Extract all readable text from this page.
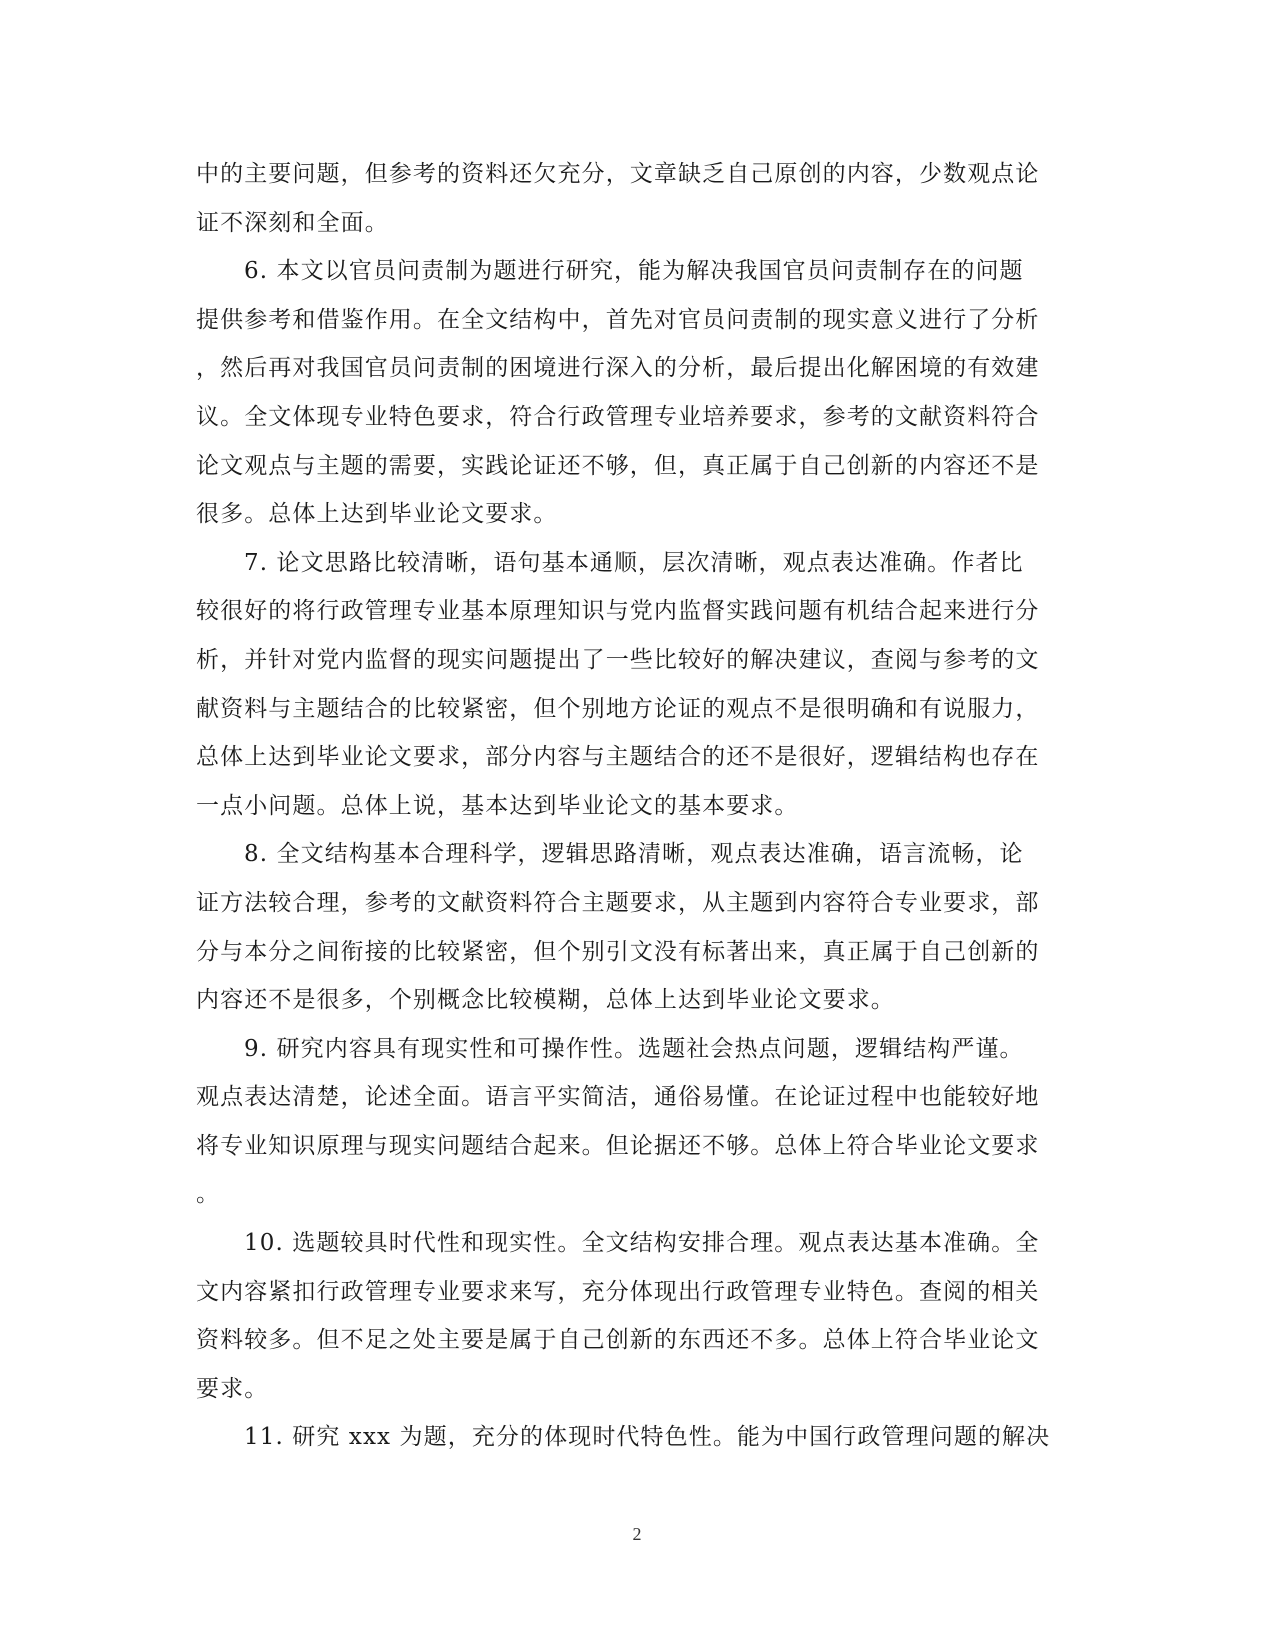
中的主要问题，但参考的资料还欠充分，文章缺乏自己原创的内容，少数观点论
证不深刻和全面。
6. 本文以官员问责制为题进行研究，能为解决我国官员问责制存在的问题
提供参考和借鉴作用。在全文结构中，首先对官员问责制的现实意义进行了分析
，然后再对我国官员问责制的困境进行深入的分析，最后提出化解困境的有效建
议。全文体现专业特色要求，符合行政管理专业培养要求，参考的文献资料符合
论文观点与主题的需要，实践论证还不够，但，真正属于自己创新的内容还不是
很多。总体上达到毕业论文要求。
7. 论文思路比较清晰，语句基本通顺，层次清晰，观点表达准确。作者比
较很好的将行政管理专业基本原理知识与党内监督实践问题有机结合起来进行分
析，并针对党内监督的现实问题提出了一些比较好的解决建议，查阅与参考的文
献资料与主题结合的比较紧密，但个别地方论证的观点不是很明确和有说服力，
总体上达到毕业论文要求，部分内容与主题结合的还不是很好，逻辑结构也存在
一点小问题。总体上说，基本达到毕业论文的基本要求。
8. 全文结构基本合理科学，逻辑思路清晰，观点表达准确，语言流畅，论
证方法较合理，参考的文献资料符合主题要求，从主题到内容符合专业要求，部
分与本分之间衔接的比较紧密，但个别引文没有标著出来，真正属于自己创新的
内容还不是很多，个别概念比较模糊，总体上达到毕业论文要求。
9. 研究内容具有现实性和可操作性。选题社会热点问题，逻辑结构严谨。
观点表达清楚，论述全面。语言平实简洁，通俗易懂。在论证过程中也能较好地
将专业知识原理与现实问题结合起来。但论据还不够。总体上符合毕业论文要求
。
10. 选题较具时代性和现实性。全文结构安排合理。观点表达基本准确。全
文内容紧扣行政管理专业要求来写，充分体现出行政管理专业特色。查阅的相关
资料较多。但不足之处主要是属于自己创新的东西还不多。总体上符合毕业论文
要求。
11. 研究 xxx 为题，充分的体现时代特色性。能为中国行政管理问题的解决
2
